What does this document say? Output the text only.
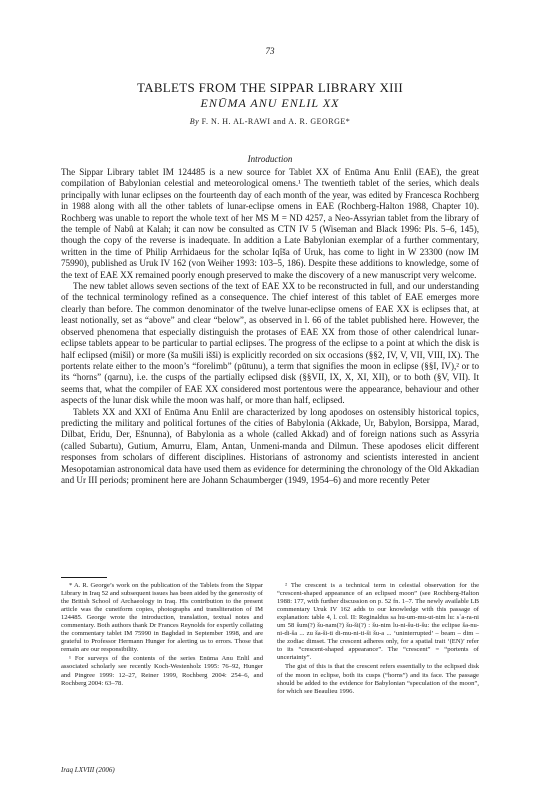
73
TABLETS FROM THE SIPPAR LIBRARY XIII
ENŪMA ANU ENLIL XX
By F. N. H. AL-RAWI and A. R. GEORGE*
Introduction

The Sippar Library tablet IM 124485 is a new source for Tablet XX of Enūma Anu Enlil (EAE), the great compilation of Babylonian celestial and meteorological omens.¹ The twentieth tablet of the series, which deals principally with lunar eclipses on the fourteenth day of each month of the year, was edited by Francesca Rochberg in 1988 along with all the other tablets of lunar-eclipse omens in EAE (Rochberg-Halton 1988, Chapter 10). Rochberg was unable to report the whole text of her MS M = ND 4257, a Neo-Assyrian tablet from the library of the temple of Nabû at Kalah; it can now be consulted as CTN IV 5 (Wiseman and Black 1996: Pls. 5–6, 145), though the copy of the reverse is inadequate. In addition a Late Babylonian exemplar of a further commentary, written in the time of Philip Arrhidaeus for the scholar Iqîša of Uruk, has come to light in W 23300 (now IM 75990), published as Uruk IV 162 (von Weiher 1993: 103–5, 186). Despite these additions to knowledge, some of the text of EAE XX remained poorly enough preserved to make the discovery of a new manuscript very welcome.

The new tablet allows seven sections of the text of EAE XX to be reconstructed in full, and our understanding of the technical terminology refined as a consequence. The chief interest of this tablet of EAE emerges more clearly than before. The common denominator of the twelve lunar-eclipse omens of EAE XX is eclipses that, at least notionally, set as “above” and clear “below”, as observed in l. 66 of the tablet published here. However, the observed phenomena that especially distinguish the protases of EAE XX from those of other calendrical lunar-eclipse tablets appear to be particular to partial eclipses. The progress of the eclipse to a point at which the disk is half eclipsed (mišil) or more (ša mušili išši) is explicitly recorded on six occasions (§§2, IV, V, VII, VIII, IX). The portents relate either to the moon’s “forelimb” (pūtunu), a term that signifies the moon in eclipse (§§I, IV),² or to its “horns” (qarnu), i.e. the cusps of the partially eclipsed disk (§§VII, IX, X, XI, XII), or to both (§V, VII). It seems that, what the compiler of EAE XX considered most portentous were the appearance, behaviour and other aspects of the lunar disk while the moon was half, or more than half, eclipsed.

Tablets XX and XXI of Enūma Anu Enlil are characterized by long apodoses on ostensibly historical topics, predicting the military and political fortunes of the cities of Babylonia (Akkade, Ur, Babylon, Borsippa, Marad, Dilbat, Eridu, Der, Ešnunna), of Babylonia as a whole (called Akkad) and of foreign nations such as Assyria (called Subartu), Gutium, Amurru, Elam, Antan, Unmeni-manda and Dilmun. These apodoses elicit different responses from scholars of different disciplines. Historians of astronomy and scientists interested in ancient Mesopotamian astronomical data have used them as evidence for determining the chronology of the Old Akkadian and Ur III periods; prominent here are Johann Schaumberger (1949, 1954–6) and more recently Peter

* A. R. George’s work on the publication of the Tablets from the Sippar Library in Iraq 52 and subsequent issues has been aided by the generosity of the British School of Archaeology in Iraq. His contribution to the present article was the cuneiform copies, photographs and transliteration of IM 124485. George wrote the introduction, translation, textual notes and commentary. Both authors thank Dr Frances Reynolds for expertly collating the commentary tablet IM 75990 in Baghdad in September 1998, and are grateful to Professor Hermann Hunger for alerting us to errors. Those that remain are our responsibility.

¹ For surveys of the contents of the series Enūma Anu Enlil and associated scholarly see recently Koch-Westenholz 1995: 76–92, Hunger and Pingree 1999: 12–27, Reiner 1999, Rochberg 2004: 254–6, and Rochberg 2004: 63–78.

² The crescent is a technical term in celestial observation for the “crescent-shaped appearance of an eclipsed moon” (see Rochberg-Halton 1988: 177, with further discussion on p. 52 fn. 1–7. The newly available LB commentary Uruk IV 162 adds to our knowledge with this passage of explanation: table 4, l. col. II: Reginaldus sa hu-um-mu-ut-nim lu: s`a-ra-ni um 58 šum(?) šu-nam(?) šu-ši(?) : šu-nim lu-ni-šu-ti-šu: the eclipse ša-nu-ni-di-ša ... zu ša-ši-ti di-mu-ni-ti-ši šu-a ... ‘uninterrupted’ – beam – dim – the zodiac dimset. The crescent adheres only, for a spatial trait ‘(EN)’ refer to its “crescent-shaped appearance”. The “crescent” = “portents of uncertainty”.

The gist of this is that the crescent refers essentially to the eclipsed disk of the moon in eclipse, both its cusps (“horns”) and its face. The passage should be added to the evidence for Babylonian “speculation of the moon”, for which see Beaulieu 1996.

Iraq LXVIII (2006)
